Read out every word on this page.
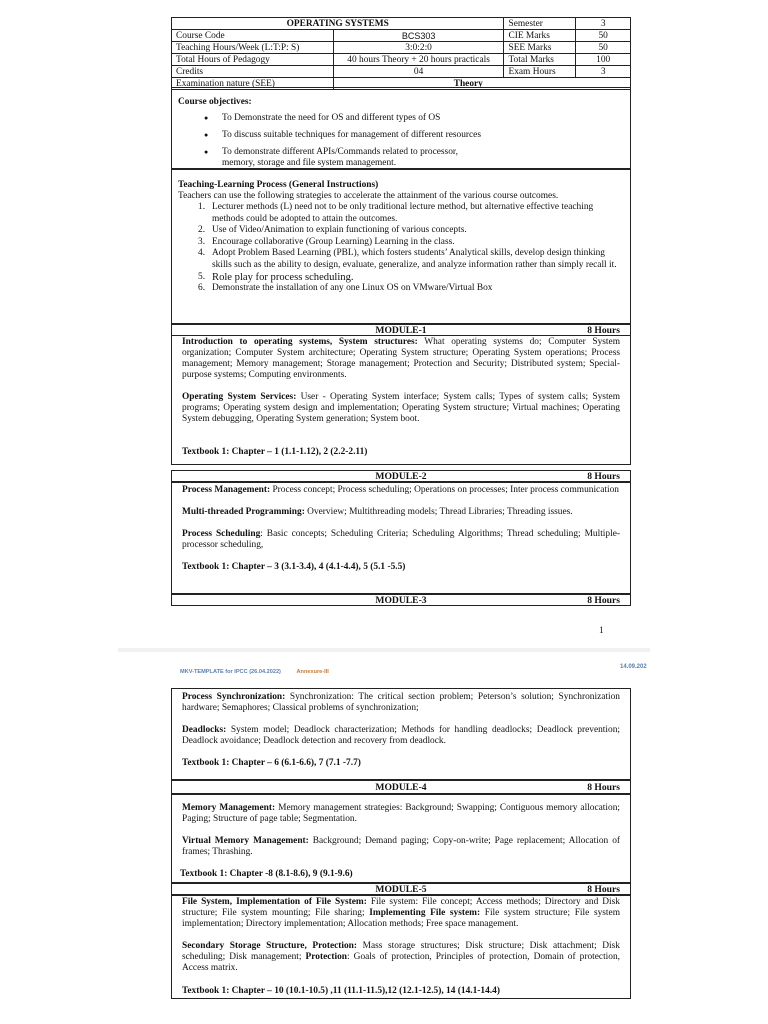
OPERATING SYSTEMS		Semester	3
Course Code	BCS303	CIE Marks	50
Teaching Hours/Week (L:T:P: S)	3:0:2:0	SEE Marks	50
Total Hours of Pedagogy	40 hours Theory + 20 hours practicals	Total Marks	100
Credits	04	Exam Hours	3
Examination nature (SEE)	Theory		
Course objectives:
● To Demonstrate the need for OS and different types of OS
● To discuss suitable techniques for management of different resources
● To demonstrate different APIs/Commands related to processor,
memory, storage and file system management.
Teaching-Learning Process (General Instructions)
Teachers can use the following strategies to accelerate the attainment of the various course outcomes.
1. Lecturer methods (L) need not to be only traditional lecture method, but alternative effective teaching methods could be adopted to attain the outcomes.
2. Use of Video/Animation to explain functioning of various concepts.
3. Encourage collaborative (Group Learning) Learning in the class.
4. Adopt Problem Based Learning (PBL), which fosters students’ Analytical skills, develop design thinking skills such as the ability to design, evaluate, generalize, and analyze information rather than simply recall it.
5. Role play for process scheduling.
6. Demonstrate the installation of any one Linux OS on VMware/Virtual Box
MODULE-1	8 Hours
Introduction to operating systems, System structures: What operating systems do; Computer System organization; Computer System architecture; Operating System structure; Operating System operations; Process management; Memory management; Storage management; Protection and Security; Distributed system; Special-purpose systems; Computing environments.
Operating System Services: User - Operating System interface; System calls; Types of system calls; System programs; Operating system design and implementation; Operating System structure; Virtual machines; Operating System debugging, Operating System generation; System boot.
Textbook 1: Chapter – 1 (1.1-1.12), 2 (2.2-2.11)
MODULE-2	8 Hours
Process Management: Process concept; Process scheduling; Operations on processes; Inter process communication
Multi-threaded Programming: Overview; Multithreading models; Thread Libraries; Threading issues.
Process Scheduling: Basic concepts; Scheduling Criteria; Scheduling Algorithms; Thread scheduling; Multiple-processor scheduling,
Textbook 1: Chapter – 3 (3.1-3.4), 4 (4.1-4.4), 5 (5.1 -5.5)
MODULE-3	8 Hours
1
MKV-TEMPLATE for IPCC (26.04.2022)	Annexure-III
14.09.202
Process Synchronization: Synchronization: The critical section problem; Peterson’s solution; Synchronization hardware; Semaphores; Classical problems of synchronization;
Deadlocks: System model; Deadlock characterization; Methods for handling deadlocks; Deadlock prevention; Deadlock avoidance; Deadlock detection and recovery from deadlock.
Textbook 1: Chapter – 6 (6.1-6.6), 7 (7.1 -7.7)
MODULE-4	8 Hours
Memory Management: Memory management strategies: Background; Swapping; Contiguous memory allocation; Paging; Structure of page table; Segmentation.
Virtual Memory Management: Background; Demand paging; Copy-on-write; Page replacement; Allocation of frames; Thrashing.
Textbook 1: Chapter -8 (8.1-8.6), 9 (9.1-9.6)
MODULE-5	8 Hours
File System, Implementation of File System: File system: File concept; Access methods; Directory and Disk structure; File system mounting; File sharing; Implementing File system: File system structure; File system implementation; Directory implementation; Allocation methods; Free space management.
Secondary Storage Structure, Protection: Mass storage structures; Disk structure; Disk attachment; Disk scheduling; Disk management; Protection: Goals of protection, Principles of protection, Domain of protection, Access matrix.
Textbook 1: Chapter – 10 (10.1-10.5) ,11 (11.1-11.5),12 (12.1-12.5), 14 (14.1-14.4)
